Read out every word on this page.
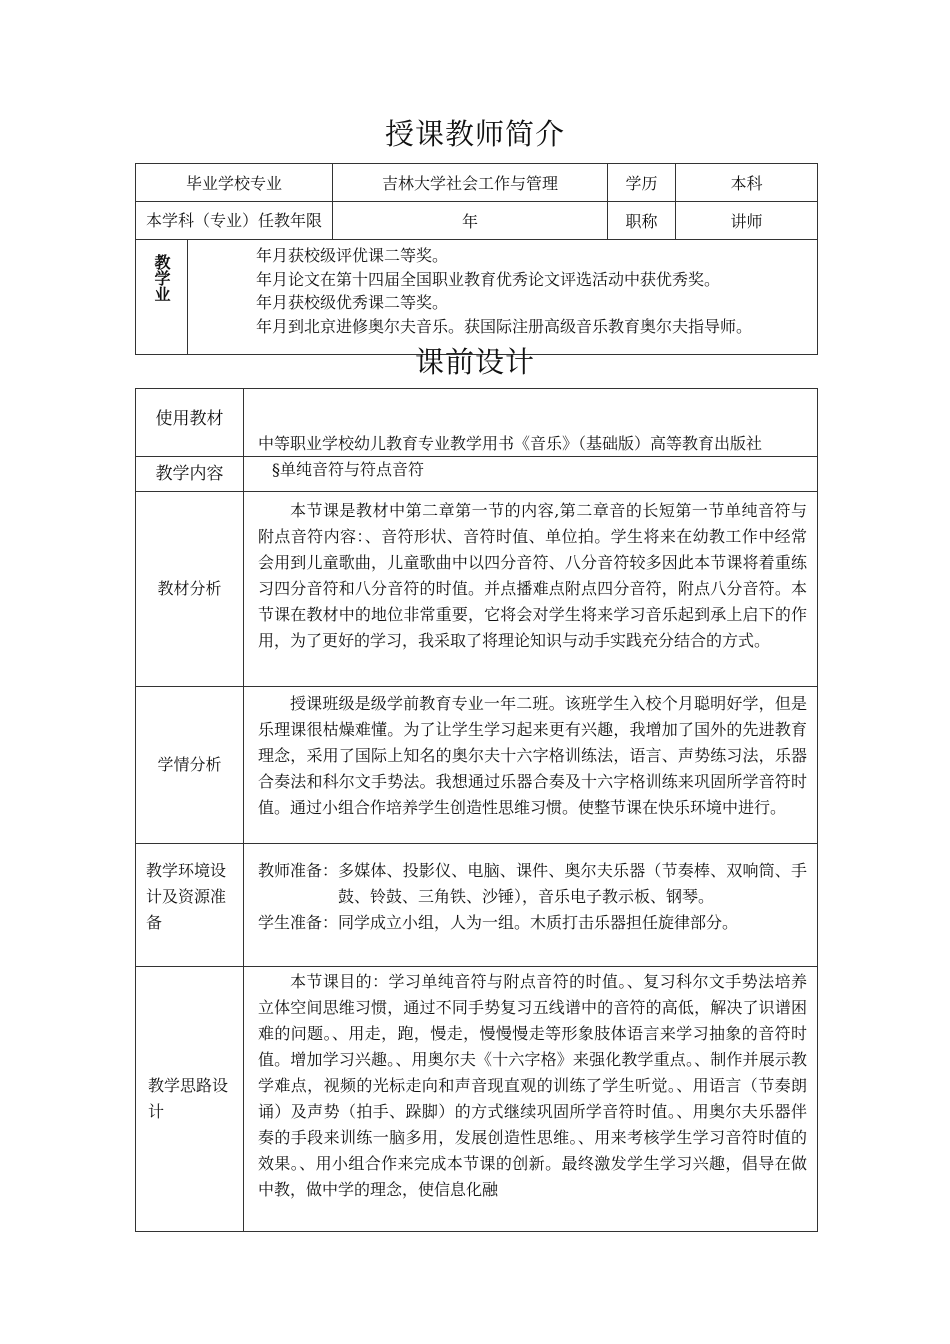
授课教师简介
毕业学校专业		吉林大学社会工作与管理	学历	本科
本学科（专业）任教年限		年	职称	讲师
教学业	年月获校级评优课二等奖。
年月论文在第十四届全国职业教育优秀论文评选活动中获优秀奖。
年月获校级优秀课二等奖。
年月到北京进修奥尔夫音乐。获国际注册高级音乐教育奥尔夫指导师。			
课前设计
使用教材	中等职业学校幼儿教育专业教学用书《音乐》（基础版）高等教育出版社
教学内容	§单纯音符与符点音符
教材分析	本节课是教材中第二章第一节的内容,第二章音的长短第一节单纯音符与附点音符内容：、音符形状、音符时值、单位拍。学生将来在幼教工作中经常会用到儿童歌曲，儿童歌曲中以四分音符、八分音符较多因此本节课将着重练习四分音符和八分音符的时值。并点播难点附点四分音符，附点八分音符。本节课在教材中的地位非常重要，它将会对学生将来学习音乐起到承上启下的作用，为了更好的学习，我采取了将理论知识与动手实践充分结合的方式。
学情分析	授课班级是级学前教育专业一年二班。该班学生入校个月聪明好学，但是乐理课很枯燥难懂。为了让学生学习起来更有兴趣，我增加了国外的先进教育理念，采用了国际上知名的奥尔夫十六字格训练法，语言、声势练习法，乐器合奏法和科尔文手势法。我想通过乐器合奏及十六字格训练来巩固所学音符时值。通过小组合作培养学生创造性思维习惯。使整节课在快乐环境中进行。
教学环境设计及资源准备	教师准备： 多媒体、投影仪、电脑、课件、奥尔夫乐器（节奏棒、双响筒、手鼓、铃鼓、三角铁、沙锤），音乐电子教示板、钢琴。
学生准备： 同学成立小组，人为一组。木质打击乐器担任旋律部分。

教学思路设计	本节课目的：学习单纯音符与附点音符的时值。、复习科尔文手势法培养立体空间思维习惯，通过不同手势复习五线谱中的音符的高低，解决了识谱困难的问题。、用走，跑，慢走，慢慢慢走等形象肢体语言来学习抽象的音符时值。增加学习兴趣。、用奥尔夫《十六字格》来强化教学重点。、制作并展示教学难点，视频的光标走向和声音现直观的训练了学生听觉。、用语言（节奏朗诵）及声势（拍手、跺脚）的方式继续巩固所学音符时值。、用奥尔夫乐器伴奏的手段来训练一脑多用，发展创造性思维。、用来考核学生学习音符时值的效果。、用小组合作来完成本节课的创新。最终激发学生学习兴趣，倡导在做中教，做中学的理念，使信息化融
